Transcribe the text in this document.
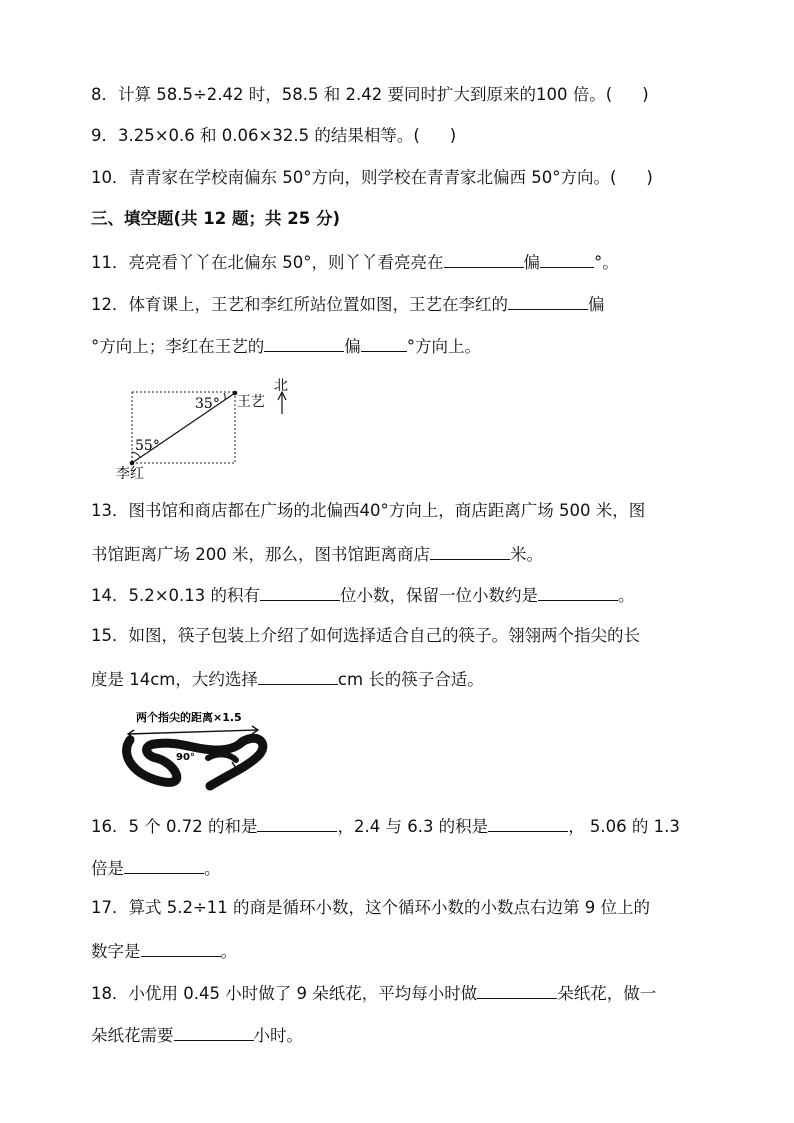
8．计算 58.5÷2.42 时，58.5 和 2.42 要同时扩大到原来的100 倍。( )
9．3.25×0.6 和 0.06×32.5 的结果相等。( )
10．青青家在学校南偏东 50°方向，则学校在青青家北偏西 50°方向。( )
三、填空题(共 12 题；共 25 分)
11．亮亮看丫丫在北偏东 50°，则丫丫看亮亮在	偏	°。
12．体育课上，王艺和李红所站位置如图，王艺在李红的	偏
°方向上；李红在王艺的	偏	°方向上。
35°
55°
王艺
李红
北
13．图书馆和商店都在广场的北偏西40°方向上，商店距离广场 500 米，图
书馆距离广场 200 米，那么，图书馆距离商店	米。
14．5.2×0.13 的积有	位小数，保留一位小数约是	。
15．如图，筷子包装上介绍了如何选择适合自己的筷子。翎翎两个指尖的长
度是 14cm，大约选择	cm 长的筷子合适。
两个指尖的距离×1.5
90°
16．5 个 0.72 的和是	，2.4 与 6.3 的积是	， 5.06 的 1.3
倍是	。
17．算式 5.2÷11 的商是循环小数，这个循环小数的小数点右边第 9 位上的
数字是	。
18．小优用 0.45 小时做了 9 朵纸花，平均每小时做	朵纸花，做一
朵纸花需要	小时。
